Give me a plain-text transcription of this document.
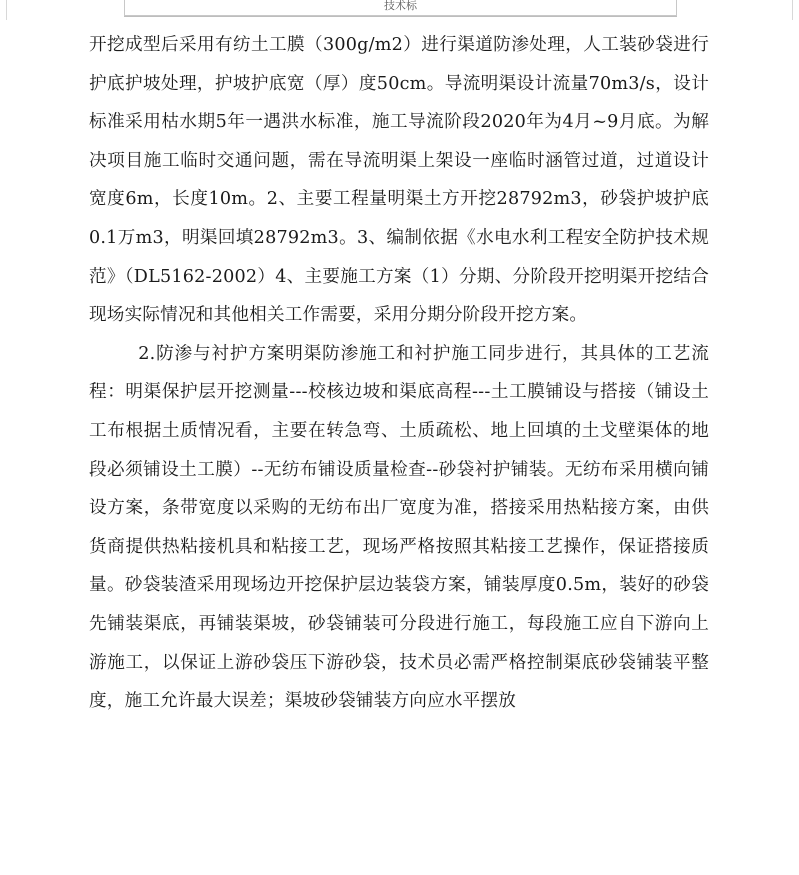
技术标

开挖成型后采用有纺土工膜（300g/m2）进行渠道防渗处理，人工装砂袋进行护底护坡处理，护坡护底宽（厚）度50cm。导流明渠设计流量70m3/s，设计标准采用枯水期5年一遇洪水标准，施工导流阶段2020年为4月~9月底。为解决项目施工临时交通问题，需在导流明渠上架设一座临时涵管过道，过道设计宽度6m，长度10m。2、主要工程量明渠土方开挖28792m3，砂袋护坡护底0.1万m3，明渠回填28792m3。3、编制依据《水电水利工程安全防护技术规范》（DL5162-2002）4、主要施工方案（1）分期、分阶段开挖明渠开挖结合现场实际情况和其他相关工作需要，采用分期分阶段开挖方案。

2.防渗与衬护方案明渠防渗施工和衬护施工同步进行，其具体的工艺流程：明渠保护层开挖测量---校核边坡和渠底高程---土工膜铺设与搭接（铺设土工布根据土质情况看，主要在转急弯、土质疏松、地上回填的土戈壁渠体的地段必须铺设土工膜）--无纺布铺设质量检查--砂袋衬护铺装。无纺布采用横向铺设方案，条带宽度以采购的无纺布出厂宽度为准，搭接采用热粘接方案，由供货商提供热粘接机具和粘接工艺，现场严格按照其粘接工艺操作，保证搭接质量。砂袋装渣采用现场边开挖保护层边装袋方案，铺装厚度0.5m，装好的砂袋先铺装渠底，再铺装渠坡，砂袋铺装可分段进行施工，每段施工应自下游向上游施工，以保证上游砂袋压下游砂袋，技术员必需严格控制渠底砂袋铺装平整度，施工允许最大误差；渠坡砂袋铺装方向应水平摆放
